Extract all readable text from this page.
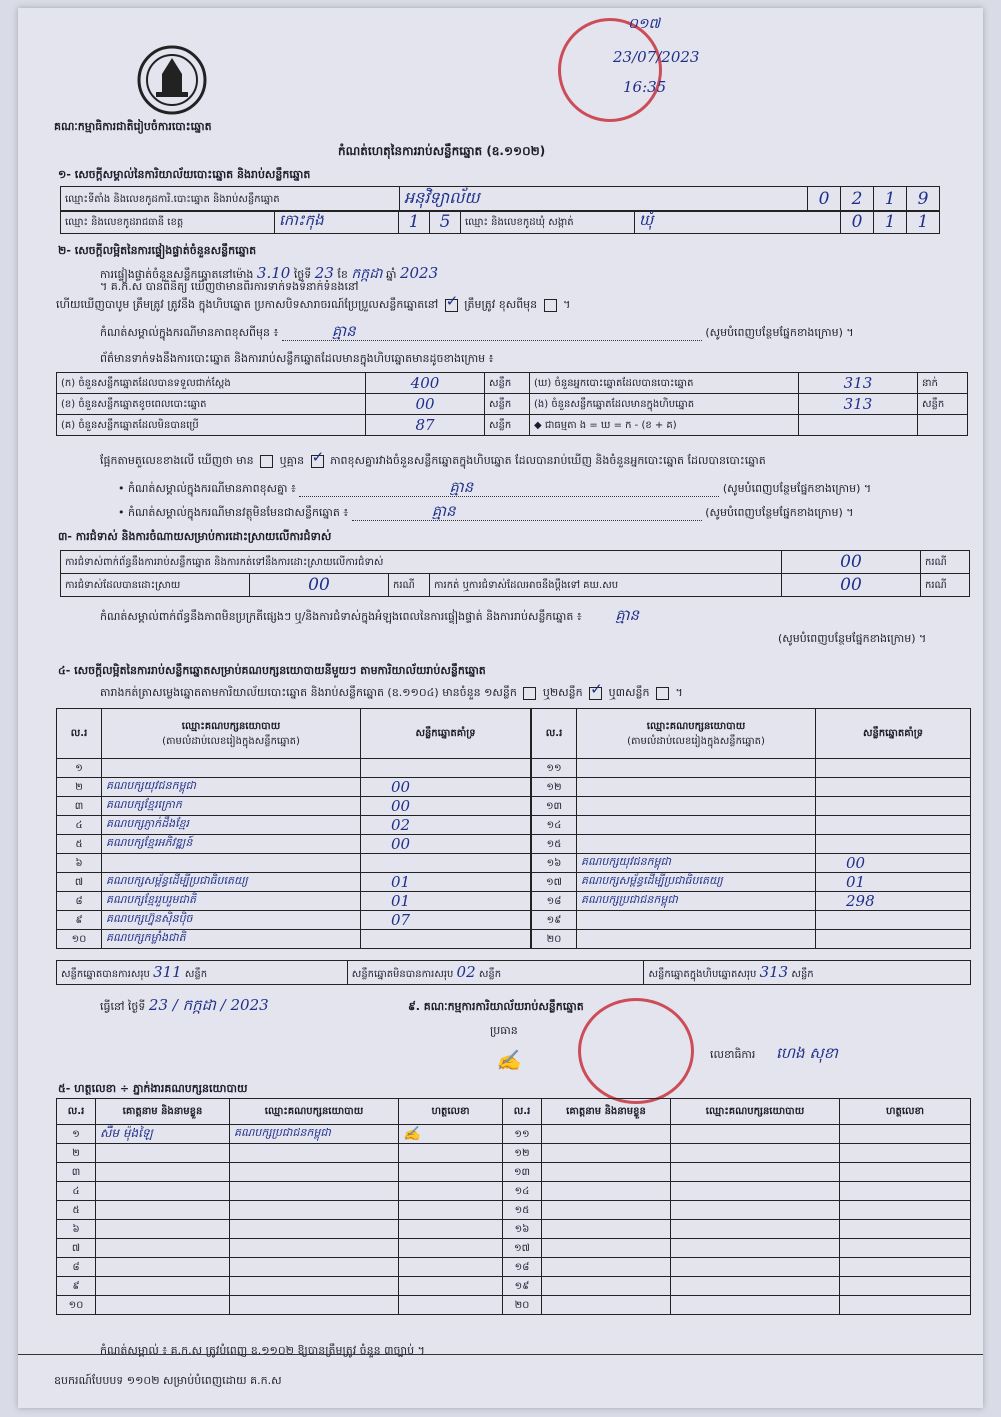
គណៈកម្មាធិការជាតិរៀបចំការបោះឆ្នោត
កំណត់ហេតុនៃការរាប់សន្លឹកឆ្នោត (ឧ.១១០២)
០១៧
23/07/2023
16:35
១- សេចក្តីសម្គាល់នៃការិយាល័យបោះឆ្នោត និងរាប់សន្លឹកឆ្នោត
ឈ្មោះទីតាំង និងលេខកូដការិ.បោះឆ្នោត និងរាប់សន្លឹកឆ្នោត	អនុវិទ្យាល័យ	0	2	1	9
ឈ្មោះ និងលេខកូដរាជធានី ខេត្ត	កោះកុង	1	5	ឈ្មោះ និងលេខកូដឃុំ សង្កាត់	ឃុំ	0	1	1
២- សេចក្តីលម្អិតនៃការផ្ទៀងផ្ទាត់ចំនួនសន្លឹកឆ្នោត
ការផ្ទៀងផ្ទាត់ចំនួនសន្លឹកឆ្នោតនៅម៉ោង 3.10 ថ្ងៃទី 23 ខែ កក្កដា ឆ្នាំ 2023
។ គ.ក.ស បានពិនិត្យ ឃើញថាមានពិរការទាក់ទងទំនាក់ទំនងនៅ
ហើយឃើញបាបូម ត្រឹមត្រូវ ត្រូវនឹង ក្នុងហិបឆ្នោត ប្រកាសបិទសារាចរណ៍ប្រែប្រួលសន្លឹកឆ្នោតនៅ ✓ ត្រឹមត្រូវ ខុសពីមុន  ។
កំណត់សម្គាល់ក្នុងករណីមានភាពខុសពីមុន ៖	គ្មាន	(សូមបំពេញបន្ថែមផ្នែកខាងក្រោម) ។
ព័ត៌មានទាក់ទងនឹងការបោះឆ្នោត និងការរាប់សន្លឹកឆ្នោតដែលមានក្នុងហិបឆ្នោតមានដូចខាងក្រោម ៖
(ក) ចំនួនសន្លឹកឆ្នោតដែលបានទទួលជាក់ស្តែង	400	សន្លឹក	(ឃ) ចំនួនអ្នកបោះឆ្នោតដែលបានបោះឆ្នោត	313	នាក់
(ខ) ចំនួនសន្លឹកឆ្នោតខូចពេលបោះឆ្នោត	00	សន្លឹក	(ង) ចំនួនសន្លឹកឆ្នោតដែលមានក្នុងហិបឆ្នោត	313	សន្លឹក
(គ) ចំនួនសន្លឹកឆ្នោតដែលមិនបានប្រើ	87	សន្លឹក	◆ ជាធម្មតា ង = ឃ = ក - (ខ + គ)		
ផ្អែកតាមតួលេខខាងលើ ឃើញថា មាន ឬគ្មាន ✓ ភាពខុសគ្នារវាងចំនួនសន្លឹកឆ្នោតក្នុងហិបឆ្នោត ដែលបានរាប់ឃើញ និងចំនួនអ្នកបោះឆ្នោត ដែលបានបោះឆ្នោត
• កំណត់សម្គាល់ក្នុងករណីមានភាពខុសគ្នា ៖	គ្មាន	(សូមបំពេញបន្ថែមផ្នែកខាងក្រោម) ។
• កំណត់សម្គាល់ក្នុងករណីមានវត្ថុមិនមែនជាសន្លឹកឆ្នោត ៖	គ្មាន	(សូមបំពេញបន្ថែមផ្នែកខាងក្រោម) ។
៣- ការជំទាស់ និងការចំណាយសម្រាប់ការដោះស្រាយលើការជំទាស់
ការជំទាស់ពាក់ព័ន្ធនឹងការរាប់សន្លឹកឆ្នោត និងការកត់ទៅនឹងការដោះស្រាយលើការជំទាស់				00	ករណី
ការជំទាស់ដែលបានដោះស្រាយ	00	ករណី	ការកត់ ឬការជំទាស់ដែលអាចនឹងប្តឹងទៅ គឃ.សប	00	ករណី
កំណត់សម្គាល់ពាក់ព័ន្ធនឹងភាពមិនប្រក្រតីផ្សេងៗ ឬ/និងការជំទាស់ក្នុងអំឡុងពេលនៃការផ្ទៀងផ្ទាត់ និងការរាប់សន្លឹកឆ្នោត ៖ គ្មាន
(សូមបំពេញបន្ថែមផ្នែកខាងក្រោម) ។
៤- សេចក្តីលម្អិតនៃការរាប់សន្លឹកឆ្នោតសម្រាប់គណបក្សនយោបាយនីមួយៗ តាមការិយាល័យរាប់សន្លឹកឆ្នោត
តារាងកត់ត្រាសម្លេងឆ្នោតតាមការិយាល័យបោះឆ្នោត និងរាប់សន្លឹកឆ្នោត (ឧ.១១០៤) មានចំនួន ១សន្លឹក ឬ២សន្លឹក ✓ ឬ៣សន្លឹក  ។
ល.រ	ឈ្មោះគណបក្សនយោបាយ
(តាមលំដាប់លេខរៀងក្នុងសន្លឹកឆ្នោត)	សន្លឹកឆ្នោតគាំទ្រ
១		
២	គណបក្សយុវជនកម្ពុជា	00
៣	គណបក្សខ្មែរក្រោក	00
៤	គណបក្សភ្ញាក់ដឹងខ្មែរ	02
៥	គណបក្សខ្មែរអភិវឌ្ឍន៍	00
៦		
៧	គណបក្សសម្ព័ន្ធដើម្បីប្រជាធិបតេយ្យ	01
៨	គណបក្សខ្មែររួបរួមជាតិ	01
៩	គណបក្សហ្វ៊ុនស៊ិនប៉ិច	07
១០	គណបក្សកម្លាំងជាតិ	
ល.រ	ឈ្មោះគណបក្សនយោបាយ
(តាមលំដាប់លេខរៀងក្នុងសន្លឹកឆ្នោត)	សន្លឹកឆ្នោតគាំទ្រ
១១		
១២		
១៣		
១៤		
១៥		
១៦	គណបក្សយុវជនកម្ពុជា	00
១៧	គណបក្សសម្ព័ន្ធដើម្បីប្រជាធិបតេយ្យ	01
១៨	គណបក្សប្រជាជនកម្ពុជា	298
១៩		
២០		
សន្លឹកឆ្នោតបានការសរុប 311 សន្លឹក	សន្លឹកឆ្នោតមិនបានការសរុប 02 សន្លឹក	សន្លឹកឆ្នោតក្នុងហិបឆ្នោតសរុប 313 សន្លឹក
ធ្វើនៅ ថ្ងៃទី 23 / កក្កដា / 2023	៩. គណៈកម្មការការិយាល័យរាប់សន្លឹកឆ្នោត
ប្រធាន
✍	លេខាធិការ ហេង សុខា
៥- ហត្ថលេខា ÷ ភ្នាក់ងារគណបក្សនយោបាយ
ល.រ	គោត្តនាម និងនាមខ្លួន	ឈ្មោះគណបក្សនយោបាយ	ហត្ថលេខា	ល.រ	គោត្តនាម និងនាមខ្លួន	ឈ្មោះគណបក្សនយោបាយ	ហត្ថលេខា
១	សឺម ម៉ុងឡៃ	គណបក្សប្រជាជនកម្ពុជា	✍	១១			
២				១២			
៣				១៣			
៤				១៤			
៥				១៥			
៦				១៦			
៧				១៧			
៨				១៨			
៩				១៩			
១០				២០			
កំណត់សម្គាល់ ៖ គ.ក.ស ត្រូវបំពេញ ឧ.១១០២ ឱ្យបានត្រឹមត្រូវ ចំនួន ៣ច្បាប់ ។
ឧបករណ៍បែបបទ ១១០២ សម្រាប់បំពេញដោយ គ.ក.ស
